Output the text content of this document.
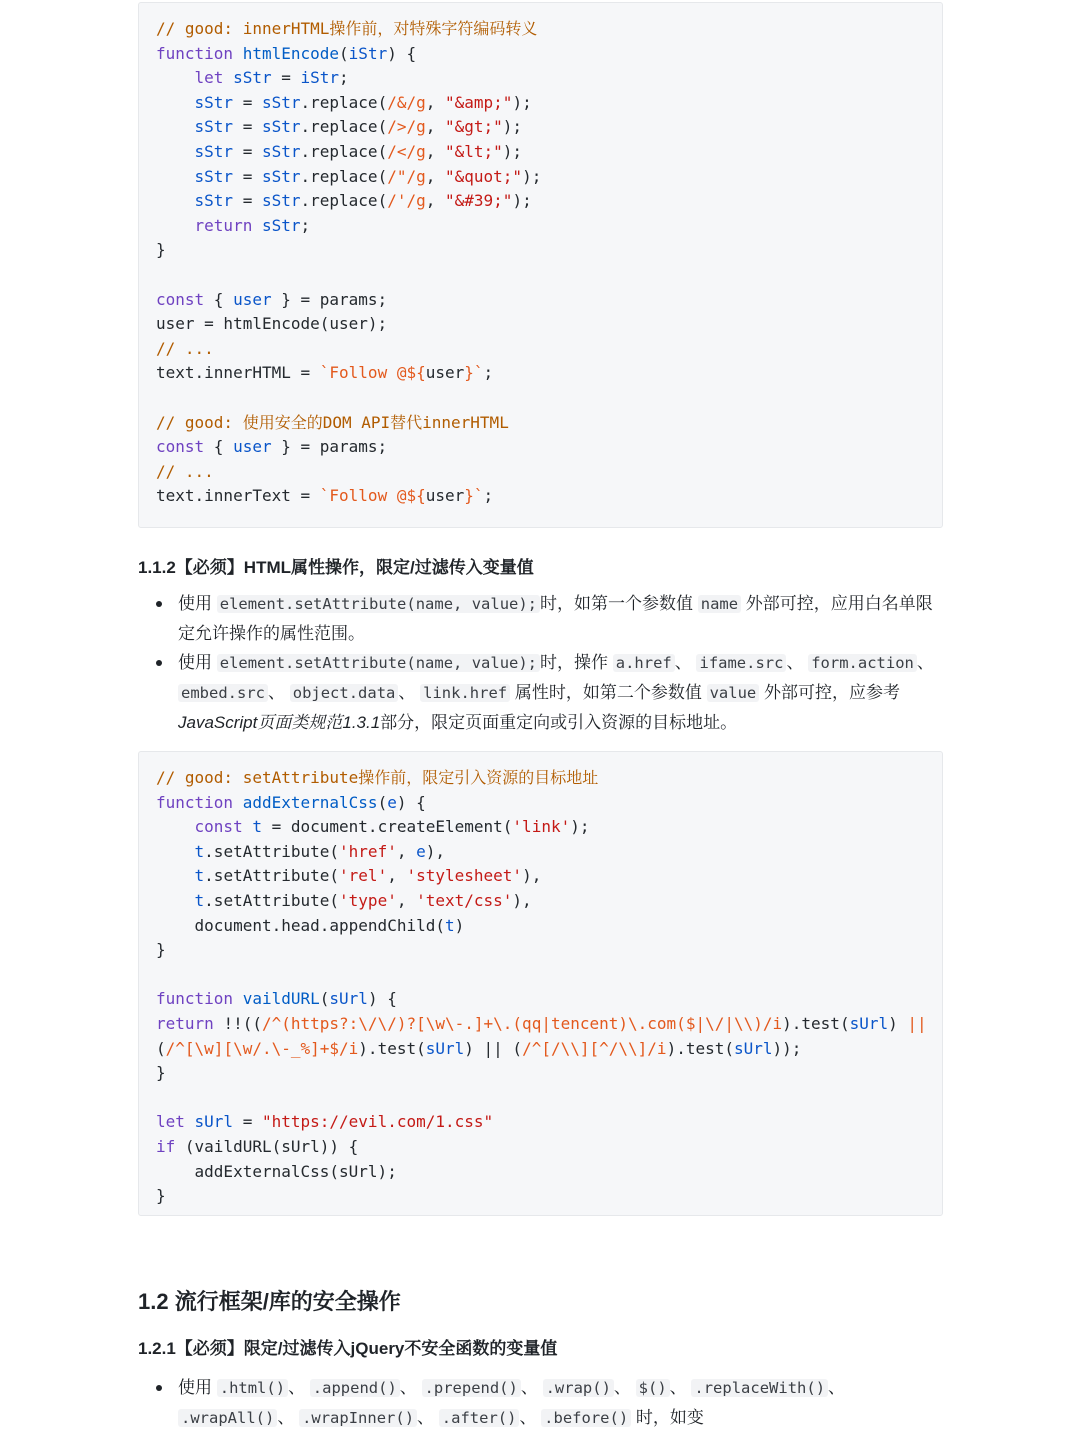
// good: innerHTML操作前，对特殊字符编码转义
function htmlEncode(iStr) {
let sStr = iStr;
sStr = sStr.replace(/&/g, "&amp;");
sStr = sStr.replace(/>/g, "&gt;");
sStr = sStr.replace(/</g, "&lt;");
sStr = sStr.replace(/"/g, "&quot;");
sStr = sStr.replace(/'/g, "&#39;");
return sStr;
}

const { user } = params;
user = htmlEncode(user);
// ...
text.innerHTML = `Follow @${user}`;

// good: 使用安全的DOM API替代innerHTML
const { user } = params;
// ...
text.innerText = `Follow @${user}`;
1.1.2【必须】HTML属性操作，限定/过滤传入变量值
使用 element.setAttribute(name, value); 时，如第一个参数值 name 外部可控，应用白名单限定允许操作的属性范围。
使用 element.setAttribute(name, value); 时，操作 a.href 、 ifame.src 、 form.action 、 embed.src 、 object.data 、 link.href 属性时，如第二个参数值 value 外部可控，应参考JavaScript页面类规范1.3.1部分，限定页面重定向或引入资源的目标地址。
// good: setAttribute操作前，限定引入资源的目标地址
function addExternalCss(e) {
const t = document.createElement('link');
t.setAttribute('href', e),
t.setAttribute('rel', 'stylesheet'),
t.setAttribute('type', 'text/css'),
document.head.appendChild(t)
}

function vaildURL(sUrl) {
return !!((/^(https?:\/\/)?[\w\-.]+\.(qq|tencent)\.com($|\/|\\)/i).test(sUrl) ||
(/^[\w][\w/.\-_%]+$/i).test(sUrl) || (/^[/\\][^/\\]/i).test(sUrl));
}

let sUrl = "https://evil.com/1.css"
if (vaildURL(sUrl)) {
addExternalCss(sUrl);
}
1.2 流行框架/库的安全操作
1.2.1【必须】限定/过滤传入jQuery不安全函数的变量值
使用 .html() 、 .append() 、 .prepend() 、 .wrap() 、 $() 、 .replaceWith() 、 .wrapAll() 、 .wrapInner() 、 .after() 、 .before() 时，如变
